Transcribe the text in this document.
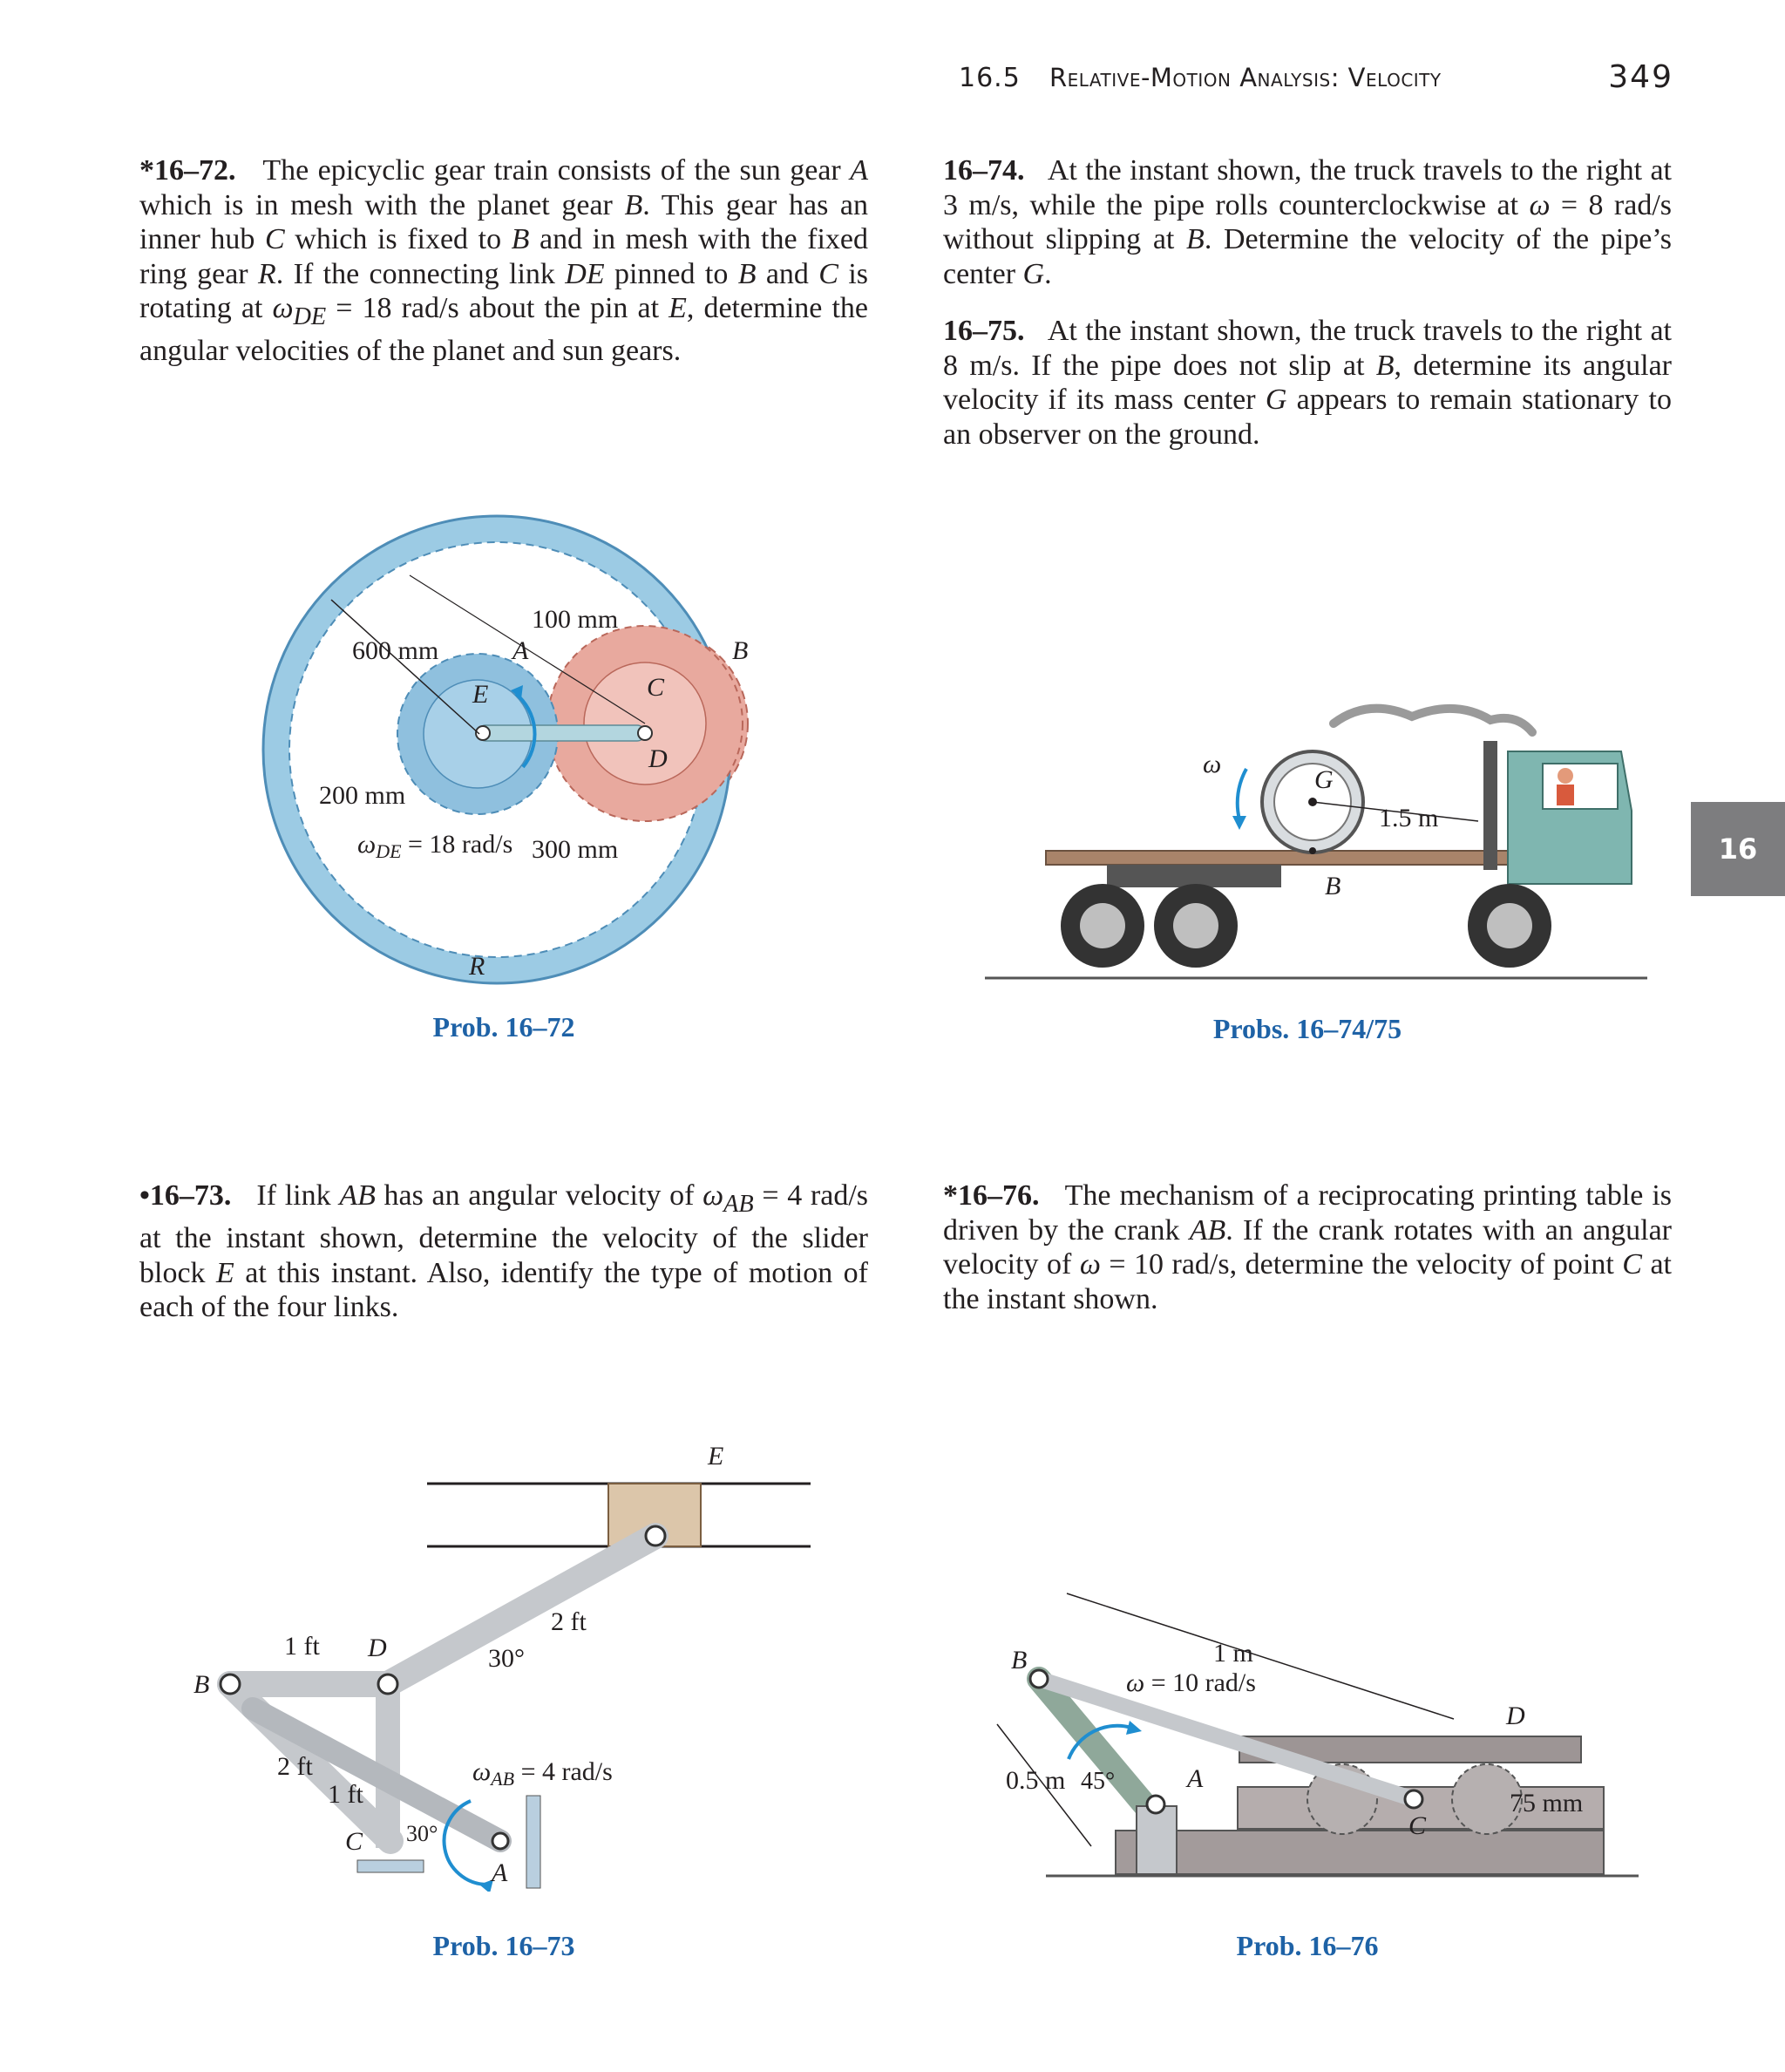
16.5 Relative-Motion Analysis: Velocity	349
16
*16–72. The epicyclic gear train consists of the sun gear A which is in mesh with the planet gear B. This gear has an inner hub C which is fixed to B and in mesh with the fixed ring gear R. If the connecting link DE pinned to B and C is rotating at $\omega_{DE} = 18$ rad/s about the pin at E, determine the angular velocities of the planet and sun gears.
16–74. At the instant shown, the truck travels to the right at 3 m/s, while the pipe rolls counterclockwise at ω = 8 rad/s without slipping at B. Determine the velocity of the pipe’s center G.
16–75. At the instant shown, the truck travels to the right at 8 m/s. If the pipe does not slip at B, determine its angular velocity if its mass center G appears to remain stationary to an observer on the ground.
•16–73. If link AB has an angular velocity of $\omega_{AB} = 4$ rad/s at the instant shown, determine the velocity of the slider block E at this instant. Also, identify the type of motion of each of the four links.
*16–76. The mechanism of a reciprocating printing table is driven by the crank AB. If the crank rotates with an angular velocity of ω = 10 rad/s, determine the velocity of point C at the instant shown.
100 mm
600 mm	A	B
C
E
D
200 mm
$\omega_{DE} = 18$ rad/s 300 mm
R
Prob. 16–72
ω
G
1.5 m
B
Probs. 16–74/75
E
2 ft
1 ft D	30°
B
2 ft
1 ft
$\omega_{AB} = 4$ rad/s
C 30°
A
Prob. 16–73
B	1 m
ω = 10 rad/s
D
0.5 m 45°	A
75 mm
C
Prob. 16–76
